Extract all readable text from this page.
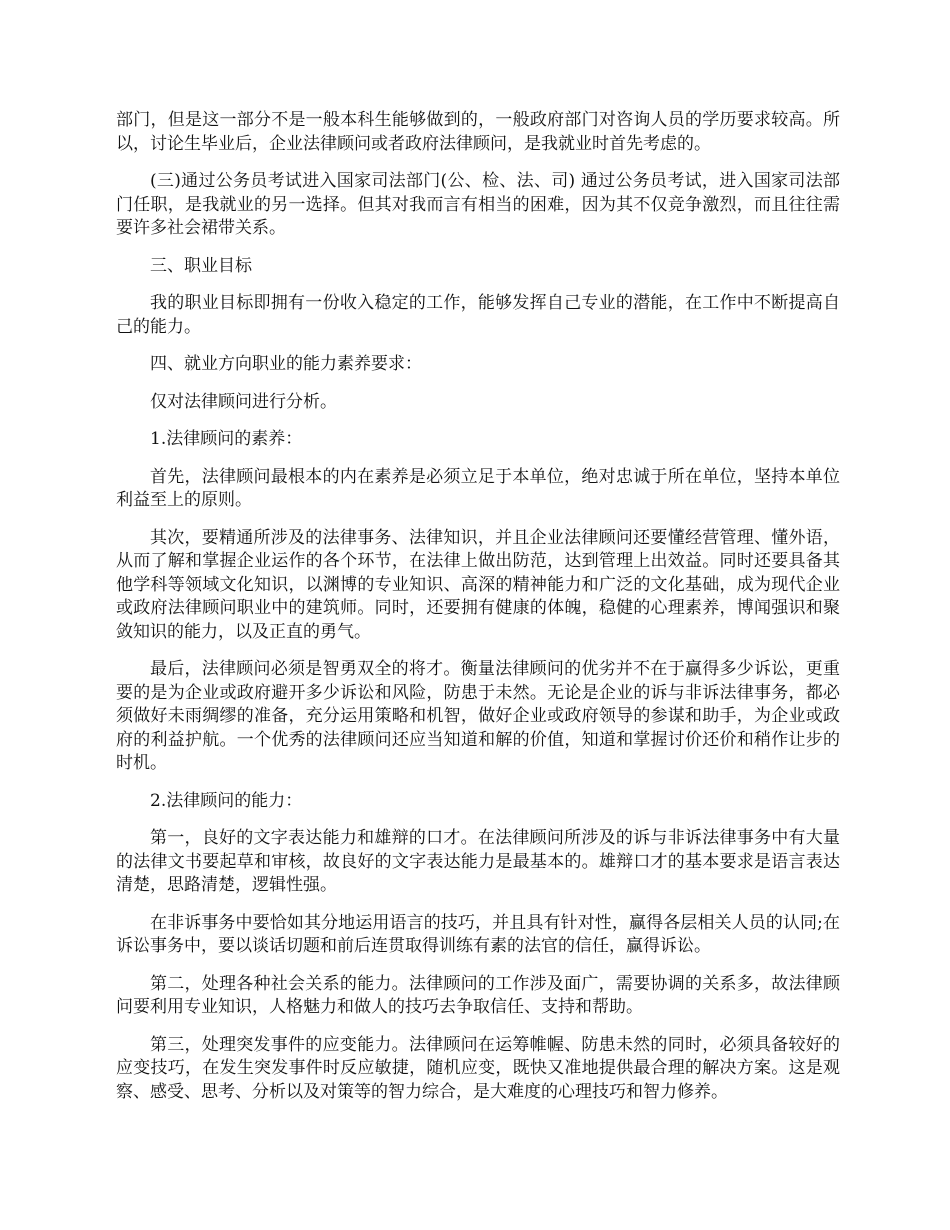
部门，但是这一部分不是一般本科生能够做到的，一般政府部门对咨询人员的学历要求较高。所以，讨论生毕业后，企业法律顾问或者政府法律顾问，是我就业时首先考虑的。

(三)通过公务员考试进入国家司法部门(公、检、法、司) 通过公务员考试，进入国家司法部门任职，是我就业的另一选择。但其对我而言有相当的困难，因为其不仅竞争激烈，而且往往需要许多社会裙带关系。

三、职业目标

我的职业目标即拥有一份收入稳定的工作，能够发挥自己专业的潜能，在工作中不断提高自己的能力。

四、就业方向职业的能力素养要求：

仅对法律顾问进行分析。

1.法律顾问的素养：

首先，法律顾问最根本的内在素养是必须立足于本单位，绝对忠诚于所在单位，坚持本单位利益至上的原则。

其次，要精通所涉及的法律事务、法律知识，并且企业法律顾问还要懂经营管理、懂外语，从而了解和掌握企业运作的各个环节，在法律上做出防范，达到管理上出效益。同时还要具备其他学科等领域文化知识，以渊博的专业知识、高深的精神能力和广泛的文化基础，成为现代企业或政府法律顾问职业中的建筑师。同时，还要拥有健康的体魄，稳健的心理素养，博闻强识和聚敛知识的能力，以及正直的勇气。

最后，法律顾问必须是智勇双全的将才。衡量法律顾问的优劣并不在于赢得多少诉讼，更重要的是为企业或政府避开多少诉讼和风险，防患于未然。无论是企业的诉与非诉法律事务，都必须做好未雨绸缪的准备，充分运用策略和机智，做好企业或政府领导的参谋和助手，为企业或政府的利益护航。一个优秀的法律顾问还应当知道和解的价值，知道和掌握讨价还价和稍作让步的时机。

2.法律顾问的能力：

第一，良好的文字表达能力和雄辩的口才。在法律顾问所涉及的诉与非诉法律事务中有大量的法律文书要起草和审核，故良好的文字表达能力是最基本的。雄辩口才的基本要求是语言表达清楚，思路清楚，逻辑性强。

在非诉事务中要恰如其分地运用语言的技巧，并且具有针对性，赢得各层相关人员的认同;在诉讼事务中，要以谈话切题和前后连贯取得训练有素的法官的信任，赢得诉讼。

第二，处理各种社会关系的能力。法律顾问的工作涉及面广，需要协调的关系多，故法律顾问要利用专业知识，人格魅力和做人的技巧去争取信任、支持和帮助。

第三，处理突发事件的应变能力。法律顾问在运筹帷幄、防患未然的同时，必须具备较好的应变技巧，在发生突发事件时反应敏捷，随机应变，既快又准地提供最合理的解决方案。这是观察、感受、思考、分析以及对策等的智力综合，是大难度的心理技巧和智力修养。
